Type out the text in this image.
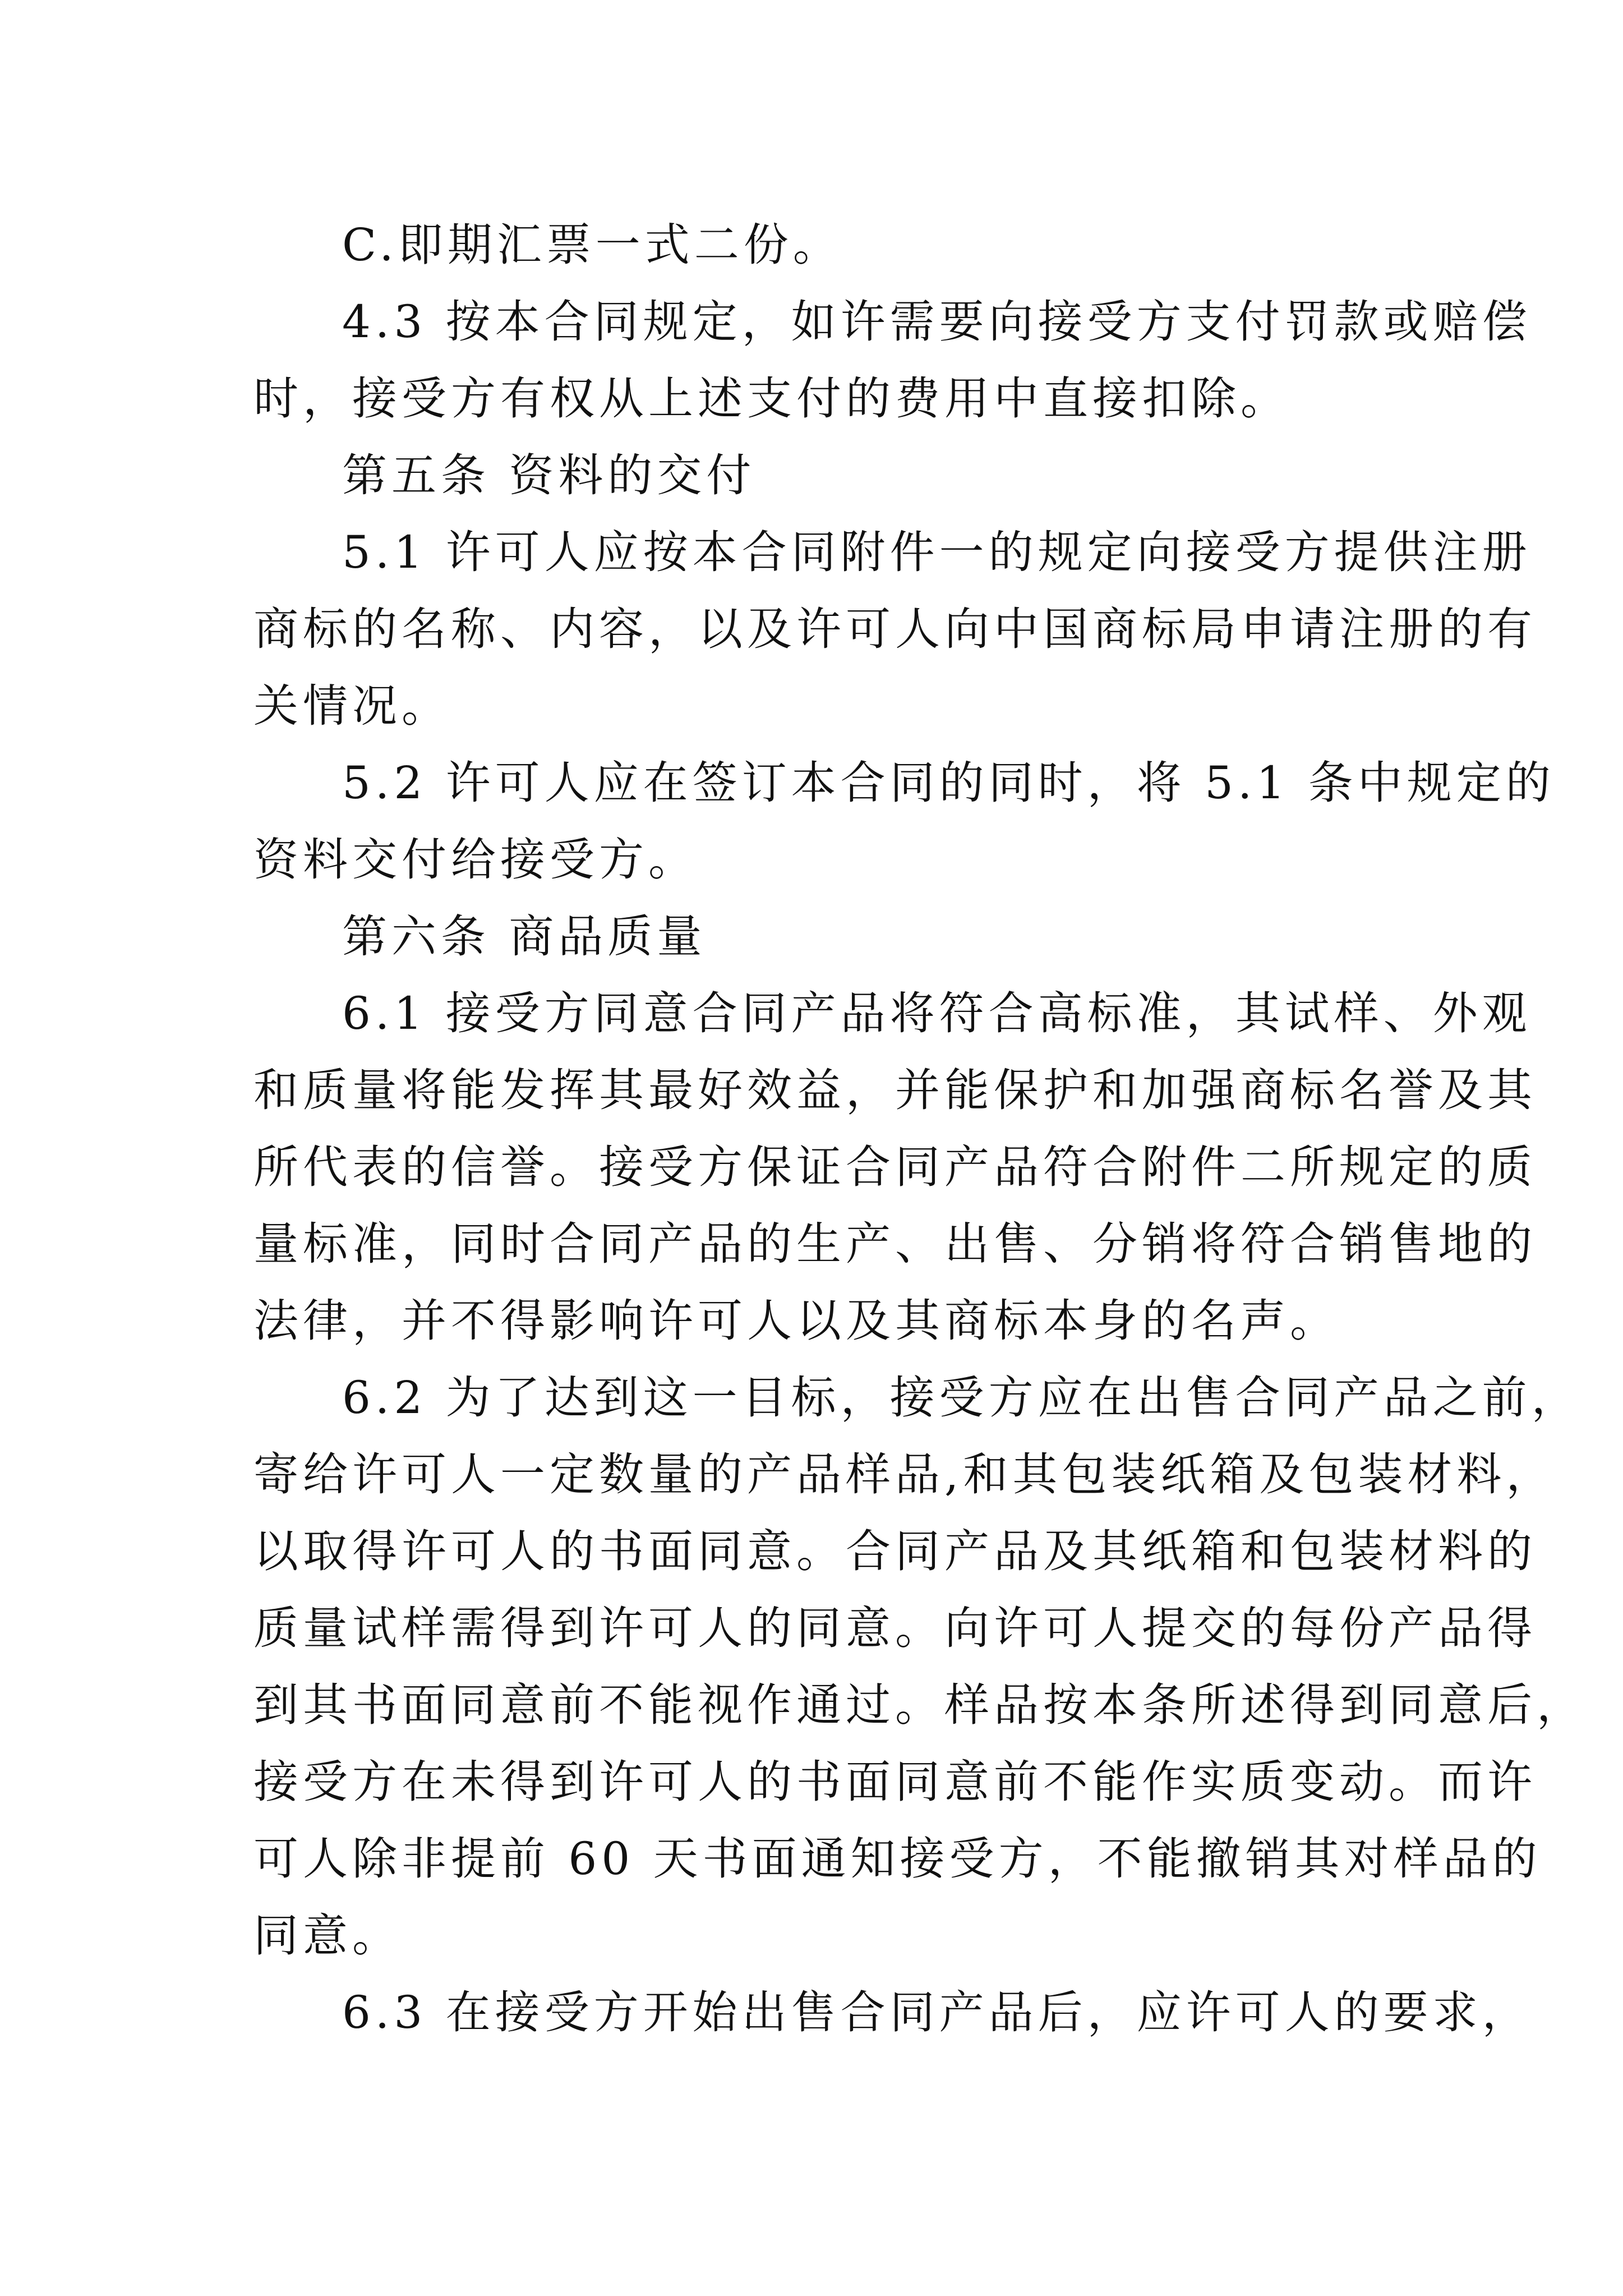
C.即期汇票一式二份。

4.3 按本合同规定，如许需要向接受方支付罚款或赔偿
时，接受方有权从上述支付的费用中直接扣除。

第五条 资料的交付

5.1 许可人应按本合同附件一的规定向接受方提供注册
商标的名称、内容，以及许可人向中国商标局申请注册的有
关情况。

5.2 许可人应在签订本合同的同时，将 5.1 条中规定的
资料交付给接受方。

第六条 商品质量

6.1 接受方同意合同产品将符合高标准，其试样、外观
和质量将能发挥其最好效益，并能保护和加强商标名誉及其
所代表的信誉。接受方保证合同产品符合附件二所规定的质
量标准，同时合同产品的生产、出售、分销将符合销售地的
法律，并不得影响许可人以及其商标本身的名声。

6.2 为了达到这一目标，接受方应在出售合同产品之前，
寄给许可人一定数量的产品样品,和其包装纸箱及包装材料，
以取得许可人的书面同意。合同产品及其纸箱和包装材料的
质量试样需得到许可人的同意。向许可人提交的每份产品得
到其书面同意前不能视作通过。样品按本条所述得到同意后，
接受方在未得到许可人的书面同意前不能作实质变动。而许
可人除非提前 60 天书面通知接受方，不能撤销其对样品的
同意。

6.3 在接受方开始出售合同产品后，应许可人的要求，
